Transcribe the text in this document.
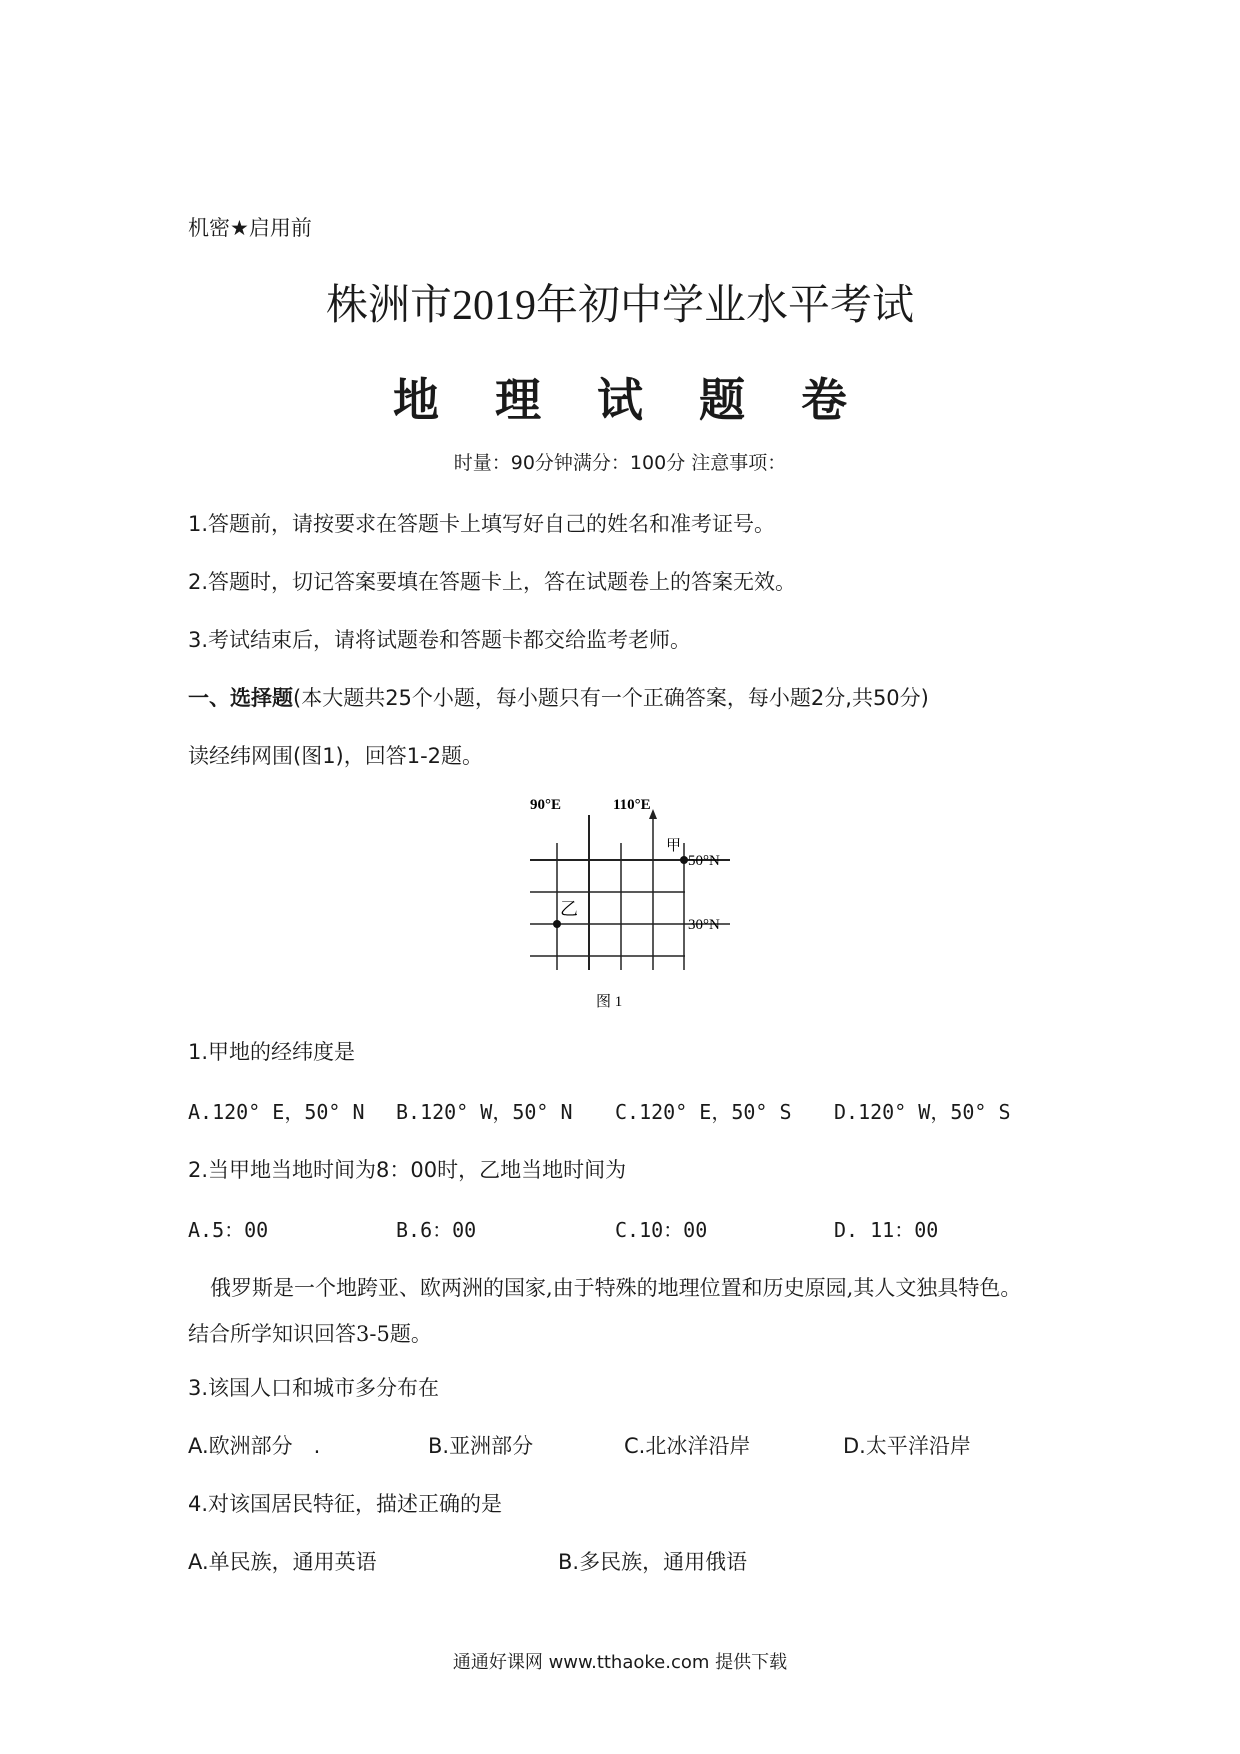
机密★启用前
株洲市2019年初中学业水平考试
地 理 试 题 卷
时量：90分钟满分：100分 注意事项：
1.答题前，请按要求在答题卡上填写好自己的姓名和准考证号。
2.答题时，切记答案要填在答题卡上，答在试题卷上的答案无效。
3.考试结束后，请将试题卷和答题卡都交给监考老师。
一、选择题(本大题共25个小题，每小题只有一个正确答案，每小题2分,共50分)
读经纬网围(图1)，回答1-2题。
90°E	110°E
甲
乙
50°N
30°N
图 1
1.甲地的经纬度是
A.120° E，50° N B.120° W，50° N C.120° E，50° S D.120° W，50° S
2.当甲地当地时间为8：00时，乙地当地时间为
A.5：00	B.6：00	C.10：00	D. 11：00
俄罗斯是一个地跨亚、欧两洲的国家,由于特殊的地理位置和历史原园,其人文独具特色。
结合所学知识回答3-5题。
3.该国人口和城市多分布在
A.欧洲部分　.	B.亚洲部分	C.北冰洋沿岸	D.太平洋沿岸
4.对该国居民特征，描述正确的是
A.单民族，通用英语	B.多民族，通用俄语
通通好课网 www.tthaoke.com 提供下载
